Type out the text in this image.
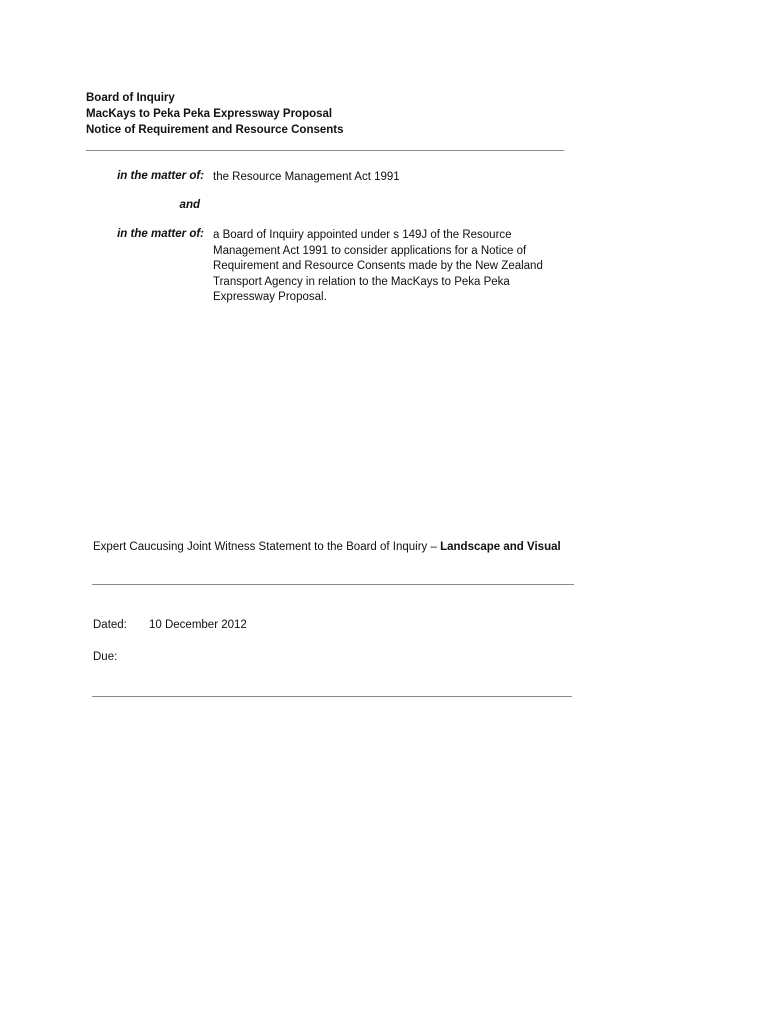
Board of Inquiry
MacKays to Peka Peka Expressway Proposal
Notice of Requirement and Resource Consents
in the matter of: the Resource Management Act 1991
and
in the matter of: a Board of Inquiry appointed under s 149J of the Resource Management Act 1991 to consider applications for a Notice of Requirement and Resource Consents made by the New Zealand Transport Agency in relation to the MacKays to Peka Peka Expressway Proposal.
Expert Caucusing Joint Witness Statement to the Board of Inquiry – Landscape and Visual
Dated: 10 December 2012
Due:
